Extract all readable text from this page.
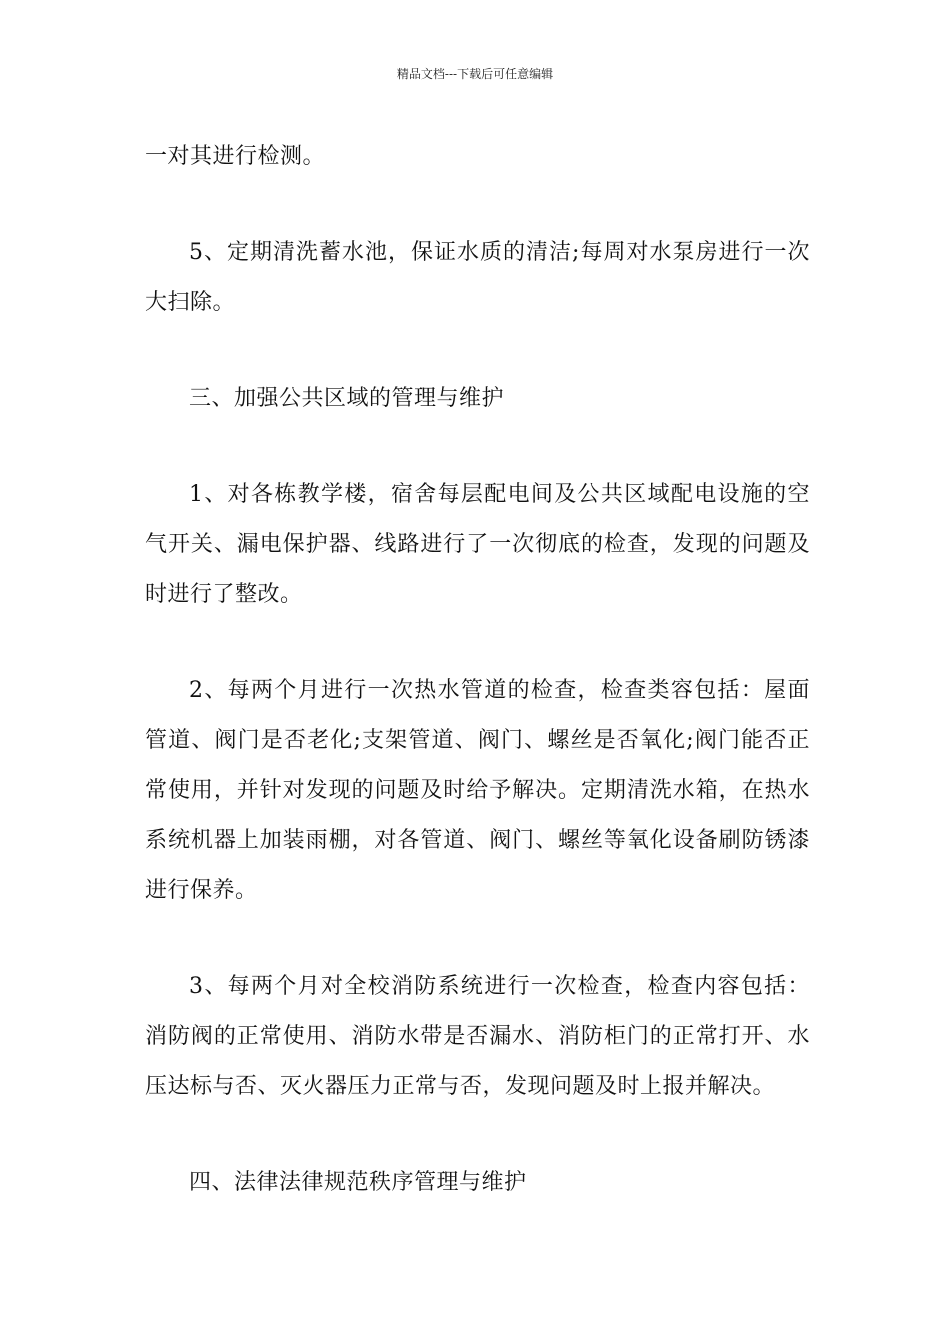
精品文档---下载后可任意编辑

一对其进行检测。

5、定期清洗蓄水池，保证水质的清洁;每周对水泵房进行一次大扫除。

三、加强公共区域的管理与维护

1、对各栋教学楼，宿舍每层配电间及公共区域配电设施的空气开关、漏电保护器、线路进行了一次彻底的检查，发现的问题及时进行了整改。

2、每两个月进行一次热水管道的检查，检查类容包括：屋面管道、阀门是否老化;支架管道、阀门、螺丝是否氧化;阀门能否正常使用，并针对发现的问题及时给予解决。定期清洗水箱，在热水系统机器上加装雨棚，对各管道、阀门、螺丝等氧化设备刷防锈漆进行保养。

3、每两个月对全校消防系统进行一次检查，检查内容包括：消防阀的正常使用、消防水带是否漏水、消防柜门的正常打开、水压达标与否、灭火器压力正常与否，发现问题及时上报并解决。

四、法律法律规范秩序管理与维护
